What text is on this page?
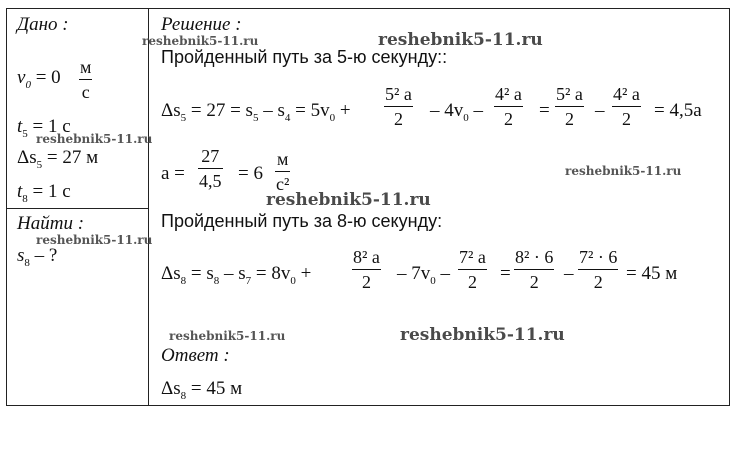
Дано :
$v_0 = 0$ м
с
$t_5 = 1$ с
$\Delta s_5 = 27$ м
$t_8 = 1$ с
Найти :
$s_8$ – ?
Решение :
Пройденный путь за 5-ю секунду::
$\Delta s_5 = 27 = s_5 - s_4 = 5v_0$ +
5² a
2	– $4v_0$ –
4² a
2	=
5² a
2	–
4² a
2	= 4,5a
a =
27
4,5 = 6
м
с²
Пройденный путь за 8-ю секунду:
$\Delta s_8 = s_8 - s_7 = 8v_0$ +
8² a
2	– $7v_0$ –
7² a
2	=
8² · 6
2	–
7² · 6
2	= 45 м
Ответ :
$\Delta s_8 = 45$ м
reshebnik5-11.ru	reshebnik5-11.ru
reshebnik5-11.ru
reshebnik5-11.ru
reshebnik5-11.ru
reshebnik5-11.ru
reshebnik5-11.ru	reshebnik5-11.ru
